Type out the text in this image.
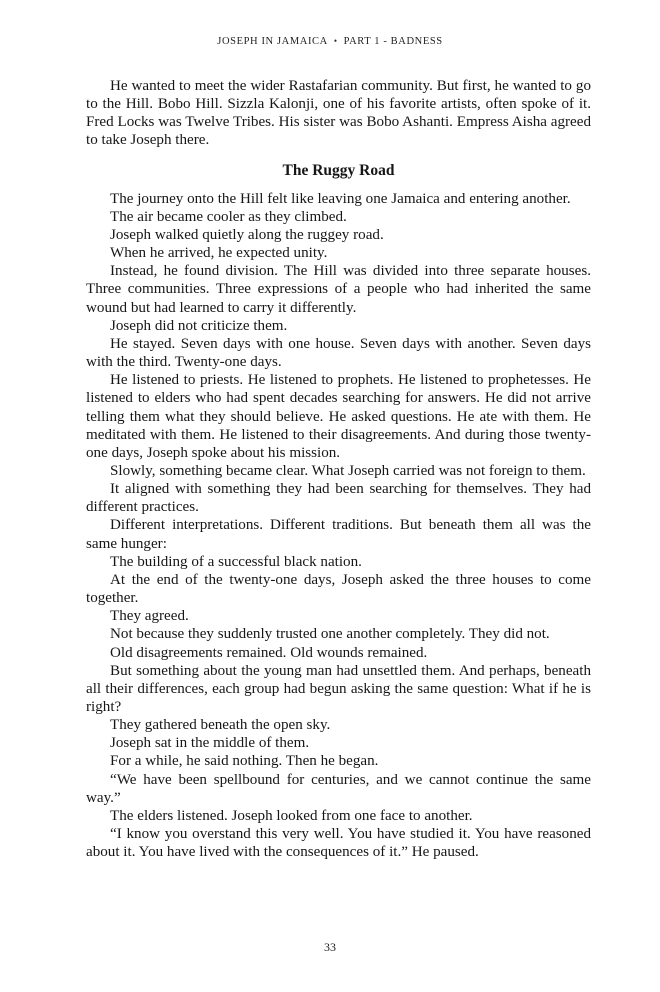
JOSEPH IN JAMAICA • PART 1 - BADNESS

He wanted to meet the wider Rastafarian community. But first, he wanted to go to the Hill. Bobo Hill. Sizzla Kalonji, one of his favorite artists, often spoke of it. Fred Locks was Twelve Tribes. His sister was Bobo Ashanti. Empress Aisha agreed to take Joseph there.

The Ruggy Road

The journey onto the Hill felt like leaving one Jamaica and entering another.

The air became cooler as they climbed.

Joseph walked quietly along the ruggey road.

When he arrived, he expected unity.

Instead, he found division. The Hill was divided into three separate houses. Three communities. Three expressions of a people who had inherited the same wound but had learned to carry it differently.

Joseph did not criticize them.

He stayed. Seven days with one house. Seven days with another. Seven days with the third. Twenty-one days.

He listened to priests. He listened to prophets. He listened to prophetesses. He listened to elders who had spent decades searching for answers. He did not arrive telling them what they should believe. He asked questions. He ate with them. He meditated with them. He listened to their disagreements. And during those twenty-one days, Joseph spoke about his mission.

Slowly, something became clear. What Joseph carried was not foreign to them.

It aligned with something they had been searching for themselves. They had different practices.

Different interpretations. Different traditions. But beneath them all was the same hunger:

The building of a successful black nation.

At the end of the twenty-one days, Joseph asked the three houses to come together.

They agreed.

Not because they suddenly trusted one another completely. They did not.

Old disagreements remained. Old wounds remained.

But something about the young man had unsettled them. And perhaps, beneath all their differences, each group had begun asking the same question: What if he is right?

They gathered beneath the open sky.

Joseph sat in the middle of them.

For a while, he said nothing. Then he began.

“We have been spellbound for centuries, and we cannot continue the same way.”

The elders listened. Joseph looked from one face to another.

“I know you overstand this very well. You have studied it. You have reasoned about it. You have lived with the consequences of it.” He paused.

33
